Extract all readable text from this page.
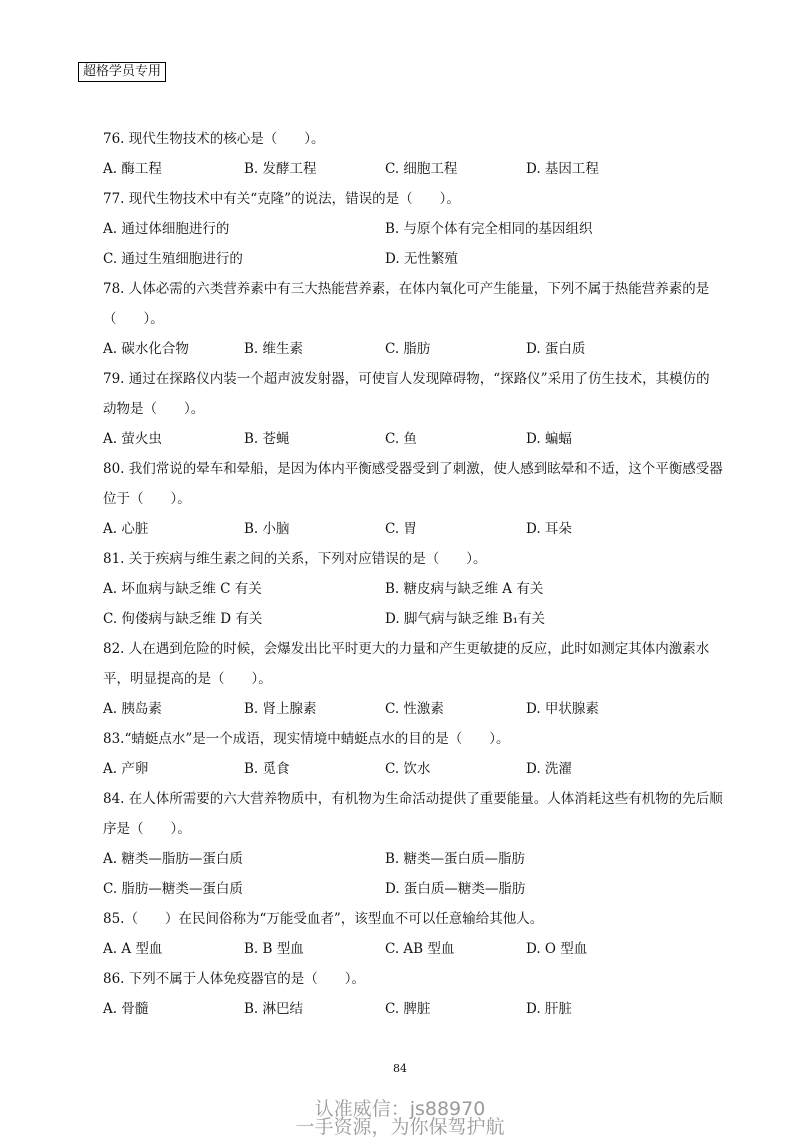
超格学员专用

76. 现代生物技术的核心是（　　）。

A. 酶工程	B. 发酵工程	C. 细胞工程	D. 基因工程

77. 现代生物技术中有关“克隆”的说法，错误的是（　　）。

A. 通过体细胞进行的	B. 与原个体有完全相同的基因组织
C. 通过生殖细胞进行的	D. 无性繁殖

78. 人体必需的六类营养素中有三大热能营养素，在体内氧化可产生能量，下列不属于热能营养素的是（　　）。

A. 碳水化合物	B. 维生素	C. 脂肪	D. 蛋白质

79. 通过在探路仪内装一个超声波发射器，可使盲人发现障碍物，“探路仪”采用了仿生技术，其模仿的动物是（　　）。

A. 萤火虫	B. 苍蝇	C. 鱼	D. 蝙蝠

80. 我们常说的晕车和晕船，是因为体内平衡感受器受到了刺激，使人感到眩晕和不适，这个平衡感受器位于（　　）。

A. 心脏	B. 小脑	C. 胃	D. 耳朵

81. 关于疾病与维生素之间的关系，下列对应错误的是（　　）。

A. 坏血病与缺乏维 C 有关	B. 糖皮病与缺乏维 A 有关
C. 佝偻病与缺乏维 D 有关	D. 脚气病与缺乏维 B₁有关

82. 人在遇到危险的时候，会爆发出比平时更大的力量和产生更敏捷的反应，此时如测定其体内激素水平，明显提高的是（　　）。

A. 胰岛素	B. 肾上腺素	C. 性激素	D. 甲状腺素

83.“蜻蜓点水”是一个成语，现实情境中蜻蜓点水的目的是（　　）。

A. 产卵	B. 觅食	C. 饮水	D. 洗濯

84. 在人体所需要的六大营养物质中，有机物为生命活动提供了重要能量。人体消耗这些有机物的先后顺序是（　　）。

A. 糖类—脂肪—蛋白质	B. 糖类—蛋白质—脂肪
C. 脂肪—糖类—蛋白质	D. 蛋白质—糖类—脂肪

85.（　　）在民间俗称为“万能受血者”，该型血不可以任意输给其他人。

A. A 型血	B. B 型血	C. AB 型血	D. O 型血

86. 下列不属于人体免疫器官的是（　　）。

A. 骨髓	B. 淋巴结	C. 脾脏	D. 肝脏
84
认准威信：js88970
一手资源，为你保驾护航
